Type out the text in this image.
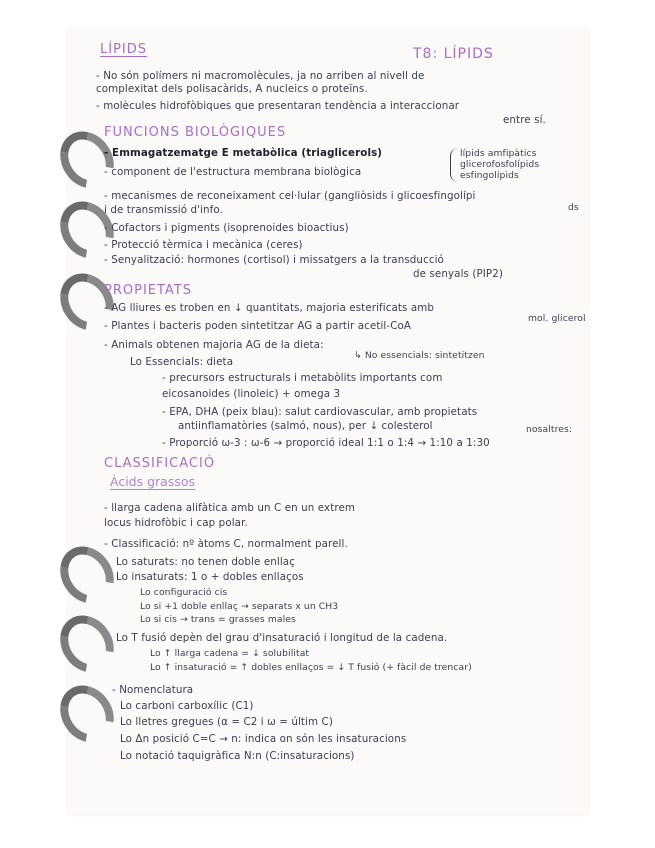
LÍPIDS	T8: LÍPIDS
- No són polímers ni macromolècules, ja no arriben al nivell de
complexitat dels polisacàrids, A nucleics o proteïns.
- molècules hidrofòbiques que presentaran tendència a interaccionar
entre sí.
FUNCIONS BIOLÒGIQUES
- Emmagatzematge E metabòlica (triaglicerols)
- component de l'estructura membrana biològica
lípids amfipàtics
glicerofosfolípids
esfingolípids
- mecanismes de reconeixament cel·lular (gangliòsids i glicoesfingolípi
ds
i de transmissió d'info.
- Cofactors i pigments (isoprenoides bioactius)
- Protecció tèrmica i mecànica (ceres)
- Senyalització: hormones (cortisol) i missatgers a la transducció
de senyals (PIP2)
PROPIETATS
- AG lliures es troben en ↓ quantitats, majoria esterificats amb
mol. glicerol
- Plantes i bacteris poden sintetitzar AG a partir acetil-CoA
- Animals obtenen majoria AG de la dieta:
↳ No essencials: sintetitzen
Lo Essencials: dieta
- precursors estructurals i metabòlits importants com
eicosanoides (linoleic) + omega 3
- EPA, DHA (peix blau): salut cardiovascular, amb propietats
antiinflamatòries (salmó, nous), per ↓ colesterol	nosaltres:
- Proporció ω-3 : ω-6 → proporció ideal 1:1 o 1:4 → 1:10 a 1:30
CLASSIFICACIÓ
Àcids grassos
- llarga cadena alifàtica amb un C en un extrem
locus hidrofòbic i cap polar.
- Classificació: nº àtoms C, normalment parell.
Lo saturats: no tenen doble enllaç
Lo insaturats: 1 o + dobles enllaços
Lo configuració cis
Lo si +1 doble enllaç → separats x un CH3
Lo si cis → trans = grasses males
Lo T fusió depèn del grau d'insaturació i longitud de la cadena.
Lo ↑ llarga cadena = ↓ solubilitat
Lo ↑ insaturació = ↑ dobles enllaços = ↓ T fusió (+ fàcil de trencar)
- Nomenclatura
Lo carboni carboxílic (C1)
Lo lletres gregues (α = C2 i ω = últim C)
Lo Δn posició C=C → n: indica on són les insaturacions
Lo notació taquigràfica N:n (C:insaturacions)
